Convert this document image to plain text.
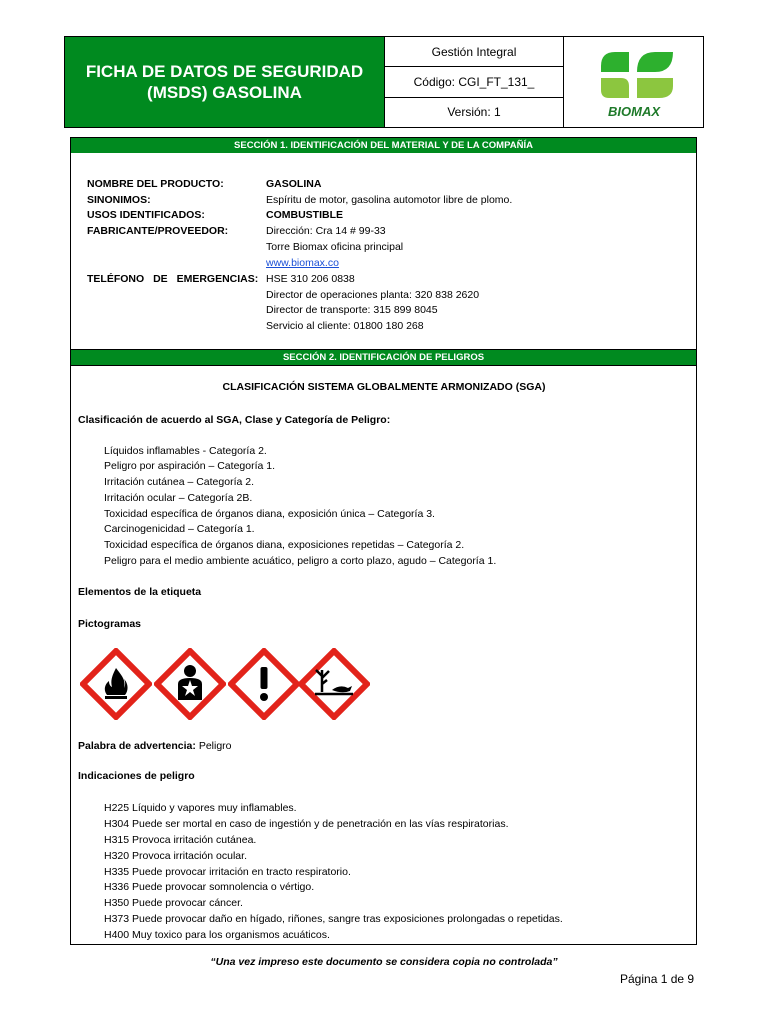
FICHA DE DATOS DE SEGURIDAD
(MSDS) GASOLINA
Gestión Integral
Código: CGI_FT_131_
Versión: 1	BIOMAX
SECCIÓN 1. IDENTIFICACIÓN DEL MATERIAL Y DE LA COMPAÑÍA
NOMBRE DEL PRODUCTO:	GASOLINA
SINONIMOS:	Espíritu de motor, gasolina automotor libre de plomo.
USOS IDENTIFICADOS:	COMBUSTIBLE
FABRICANTE/PROVEEDOR:	Dirección: Cra 14 # 99-33
Torre Biomax oficina principal
www.biomax.co
TELÉFONO DE EMERGENCIAS: HSE 310 206 0838
Director de operaciones planta: 320 838 2620
Director de transporte: 315 899 8045
Servicio al cliente: 01800 180 268
SECCIÓN 2. IDENTIFICACIÓN DE PELIGROS
CLASIFICACIÓN SISTEMA GLOBALMENTE ARMONIZADO (SGA)
Clasificación de acuerdo al SGA, Clase y Categoría de Peligro:
Líquidos inflamables - Categoría 2.
Peligro por aspiración – Categoría 1.
Irritación cutánea – Categoría 2.
Irritación ocular – Categoría 2B.
Toxicidad específica de órganos diana, exposición única – Categoría 3.
Carcinogenicidad – Categoría 1.
Toxicidad específica de órganos diana, exposiciones repetidas – Categoría 2.
Peligro para el medio ambiente acuático, peligro a corto plazo, agudo – Categoría 1.
Elementos de la etiqueta
Pictogramas
Palabra de advertencia: Peligro
Indicaciones de peligro
H225 Líquido y vapores muy inflamables.
H304 Puede ser mortal en caso de ingestión y de penetración en las vías respiratorias.
H315 Provoca irritación cutánea.
H320 Provoca irritación ocular.
H335 Puede provocar irritación en tracto respiratorio.
H336 Puede provocar somnolencia o vértigo.
H350 Puede provocar cáncer.
H373 Puede provocar daño en hígado, riñones, sangre tras exposiciones prolongadas o repetidas.
H400 Muy toxico para los organismos acuáticos.
“Una vez impreso este documento se considera copia no controlada”
Página 1 de 9
